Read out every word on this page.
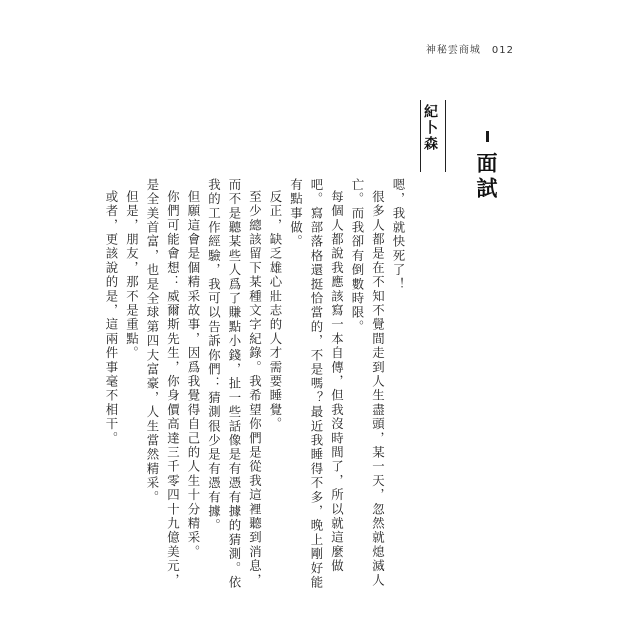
神秘雲商城　012
面試
紀卜森

嗯，我就快死了！

很多人都是在不知不覺間走到人生盡頭，某一天，忽然就熄滅人亡。而我卻有倒數時限。

每個人都說我應該寫一本自傳，但我沒時間了，所以就這麼做吧。寫部落格還挺恰當的，不是嗎？最近我睡得不多，晚上剛好能有點事做。

反正，缺乏雄心壯志的人才需要睡覺。

至少總該留下某種文字紀錄。我希望你們是從我這裡聽到消息，而不是聽某些人爲了賺點小錢，扯一些話像是有憑有據的猜測。依我的工作經驗，我可以告訴你們：猜測很少是有憑有據。

但願這會是個精采故事，因爲我覺得自己的人生十分精采。

你們可能會想：威爾斯先生，你身價高達三千零四十九億美元，是全美首富，也是全球第四大富豪，人生當然精采。

但是，朋友，那不是重點。

或者，更該說的是，這兩件事毫不相干。
